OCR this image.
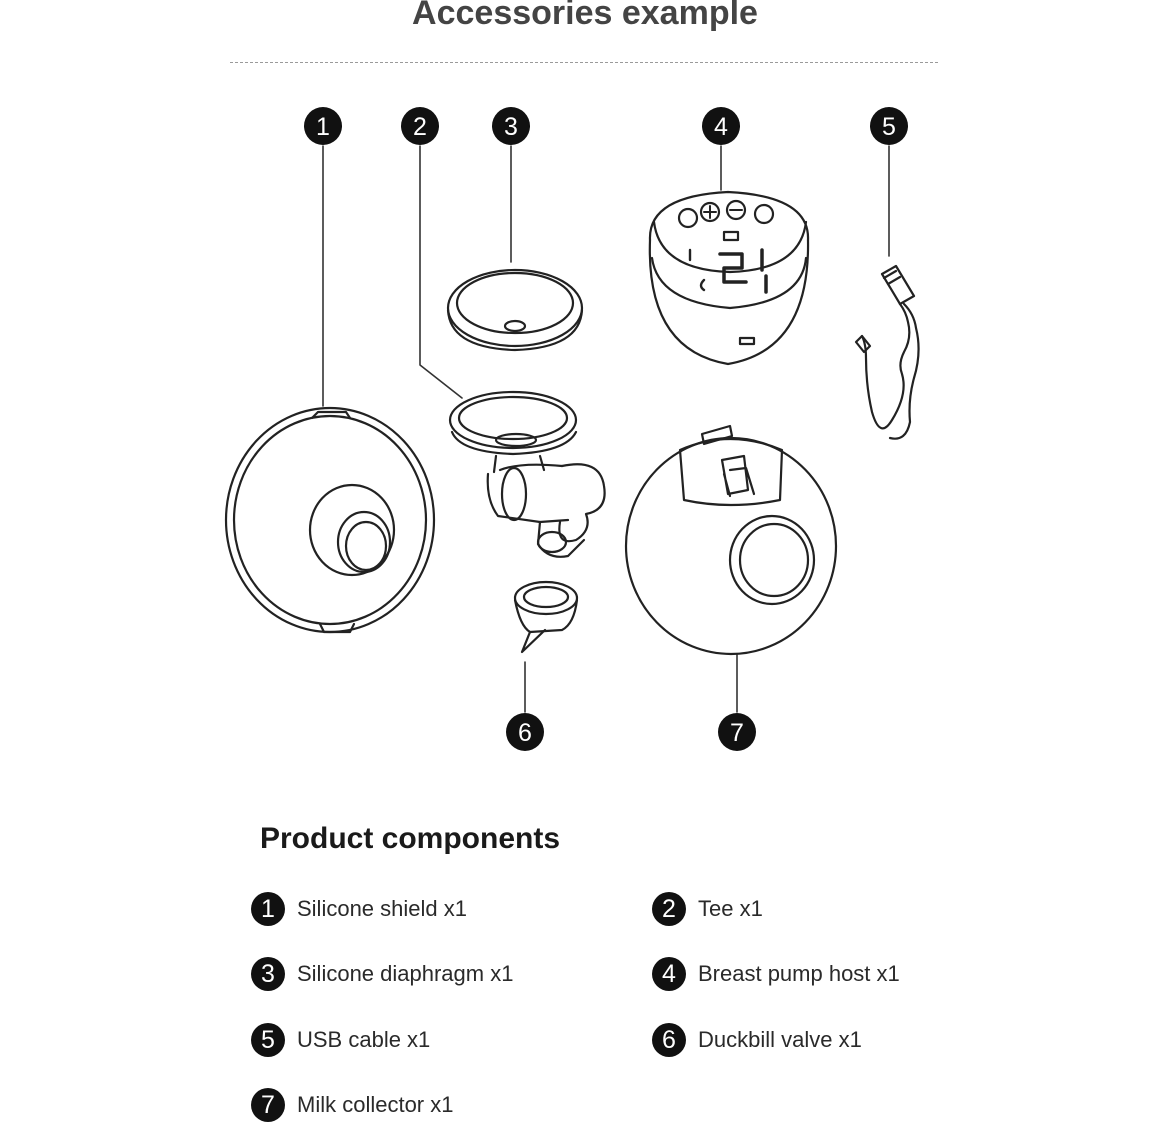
Accessories example
1	2	3	4	5
6	7
Product components
1	Silicone shield x1	2	Tee x1
3	Silicone diaphragm x1	4	Breast pump host x1
5	USB cable x1	6	Duckbill valve x1
7	Milk collector x1
